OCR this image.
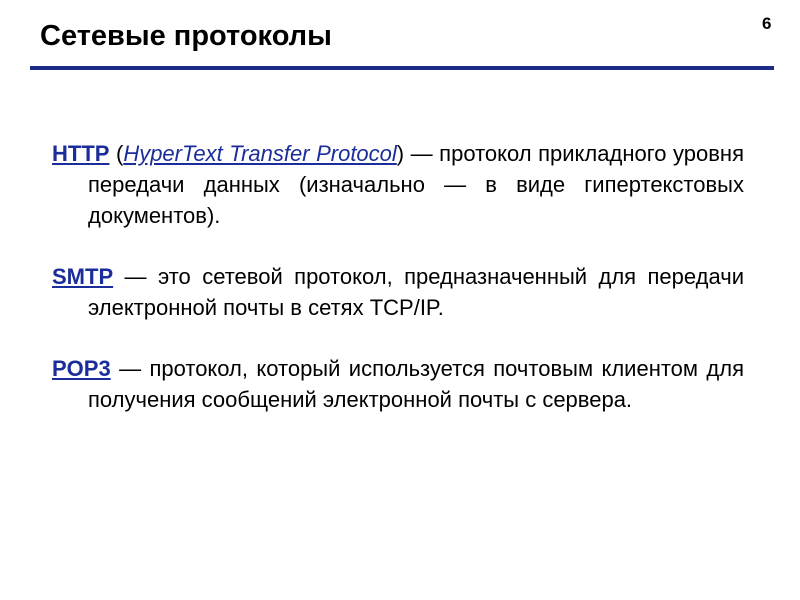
Сетевые протоколы	6

HTTP (HyperText Transfer Protocol) — протокол прикладного уровня передачи данных (изначально — в виде гипертекстовых документов).

SMTP — это сетевой протокол, предназначенный для передачи электронной почты в сетях TCP/IP.

POP3 — протокол, который используется почтовым клиентом для получения сообщений электронной почты с сервера.
